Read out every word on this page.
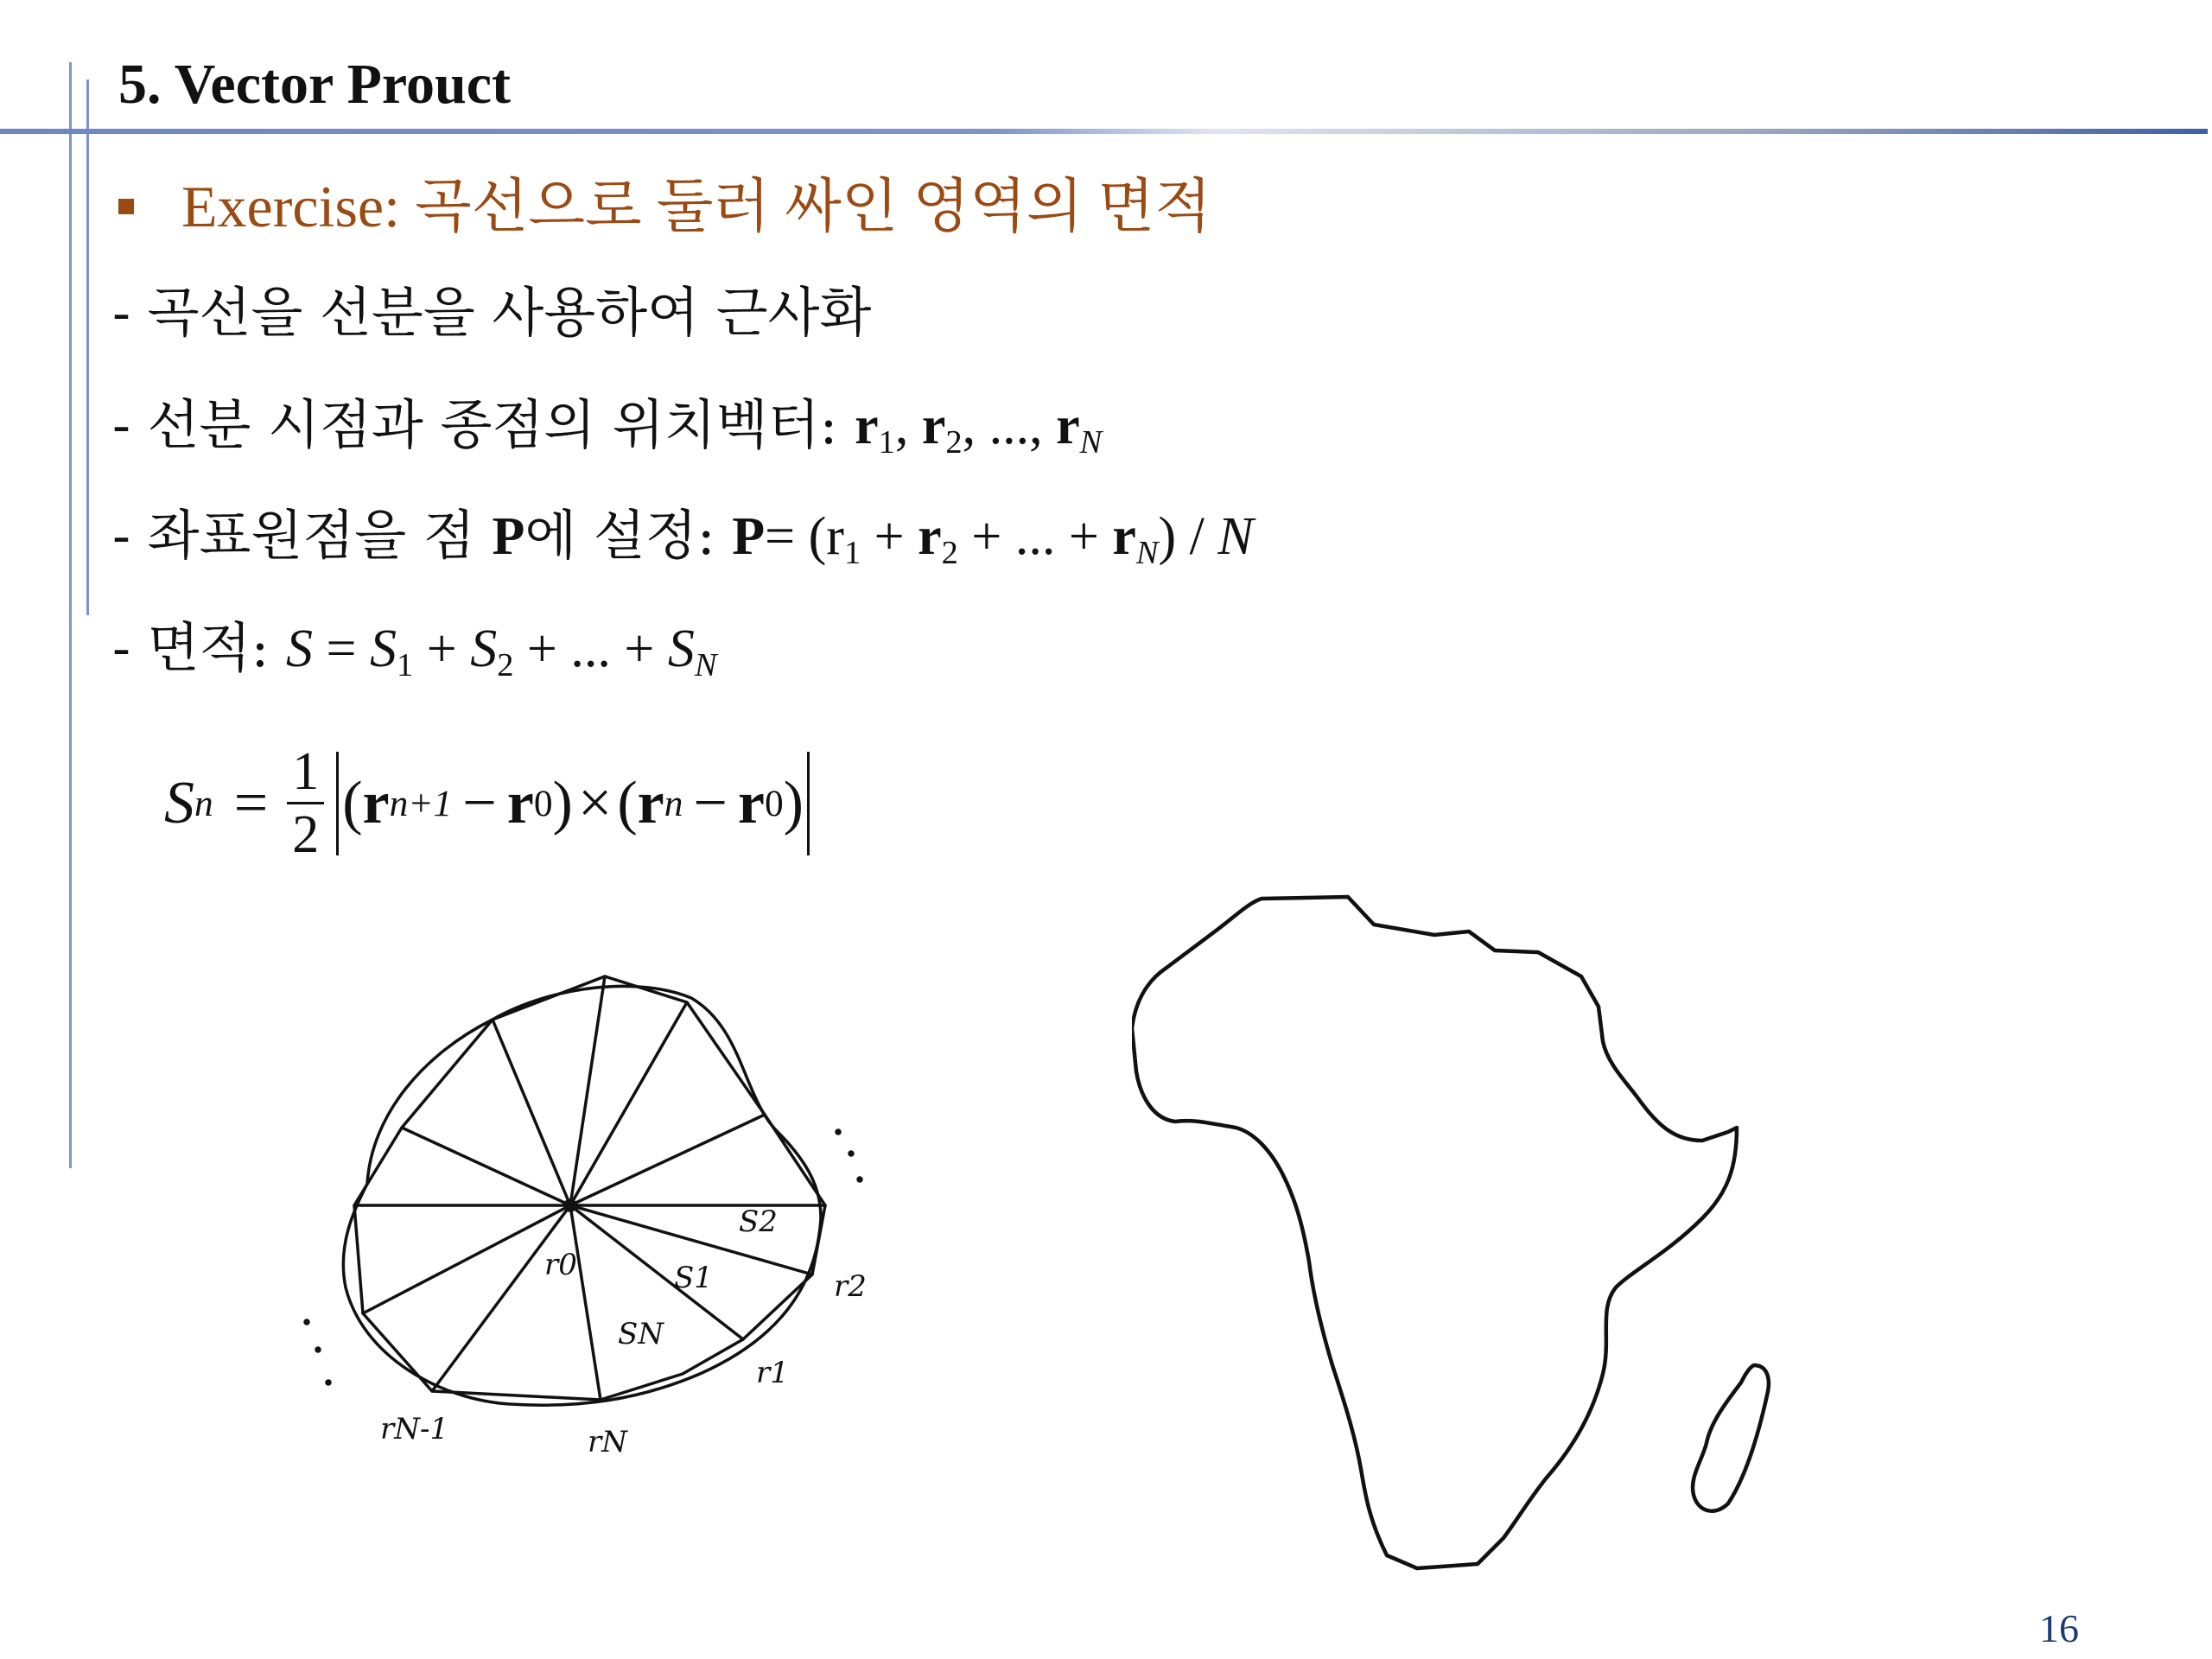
5. Vector Prouct
Exercise: 곡선으로 둘러 싸인 영역의 면적
- 곡선을 선분을 사용하여 근사화
- 선분 시점과 종점의 위치벡터: $r_1$, $r_2$, ..., $r_N$
- 좌표원점을 점 P에 설정: $P= (r_1 + r_2$ + ... + $r_N$) / N
- 면적: $S = S_1 + S_2$ + ... + $S_N$
S $n = \frac{1}{2}$ ( r n+1 − r 0 ) × ( r n − r 0 )
r0	S1
S2
SN
r2
r1
rN
rN-1
16
